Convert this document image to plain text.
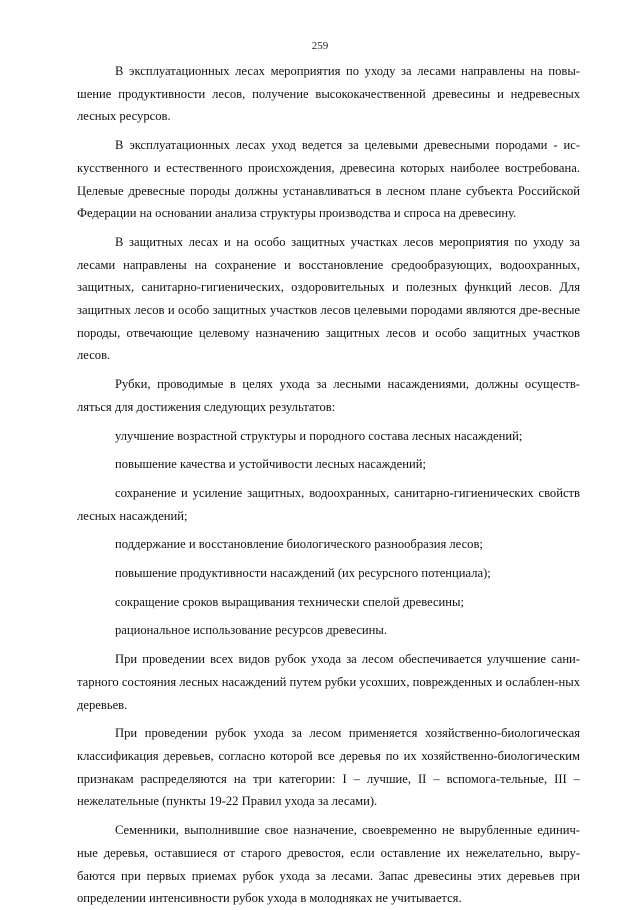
259

В эксплуатационных лесах мероприятия по уходу за лесами направлены на повы-шение продуктивности лесов, получение высококачественной древесины и недревесных лесных ресурсов.

В эксплуатационных лесах уход ведется за целевыми древесными породами - ис-кусственного и естественного происхождения, древесина которых наиболее востребована. Целевые древесные породы должны устанавливаться в лесном плане субъекта Российской Федерации на основании анализа структуры производства и спроса на древесину.

В защитных лесах и на особо защитных участках лесов мероприятия по уходу за лесами направлены на сохранение и восстановление средообразующих, водоохранных, защитных, санитарно-гигиенических, оздоровительных и полезных функций лесов. Для защитных лесов и особо защитных участков лесов целевыми породами являются дре-весные породы, отвечающие целевому назначению защитных лесов и особо защитных участков лесов.

Рубки, проводимые в целях ухода за лесными насаждениями, должны осуществ-ляться для достижения следующих результатов:

улучшение возрастной структуры и породного состава лесных насаждений;

повышение качества и устойчивости лесных насаждений;

сохранение и усиление защитных, водоохранных, санитарно-гигиенических свойств лесных насаждений;

поддержание и восстановление биологического разнообразия лесов;

повышение продуктивности насаждений (их ресурсного потенциала);

сокращение сроков выращивания технически спелой древесины;

рациональное использование ресурсов древесины.

При проведении всех видов рубок ухода за лесом обеспечивается улучшение сани-тарного состояния лесных насаждений путем рубки усохших, поврежденных и ослаблен-ных деревьев.

При проведении рубок ухода за лесом применяется хозяйственно-биологическая классификация деревьев, согласно которой все деревья по их хозяйственно-биологическим признакам распределяются на три категории: I – лучшие, II – вспомога-тельные, III – нежелательные (пункты 19-22 Правил ухода за лесами).

Семенники, выполнившие свое назначение, своевременно не вырубленные единич-ные деревья, оставшиеся от старого древостоя, если оставление их нежелательно, выру-баются при первых приемах рубок ухода за лесами. Запас древесины этих деревьев при определении интенсивности рубок ухода в молодняках не учитывается.
